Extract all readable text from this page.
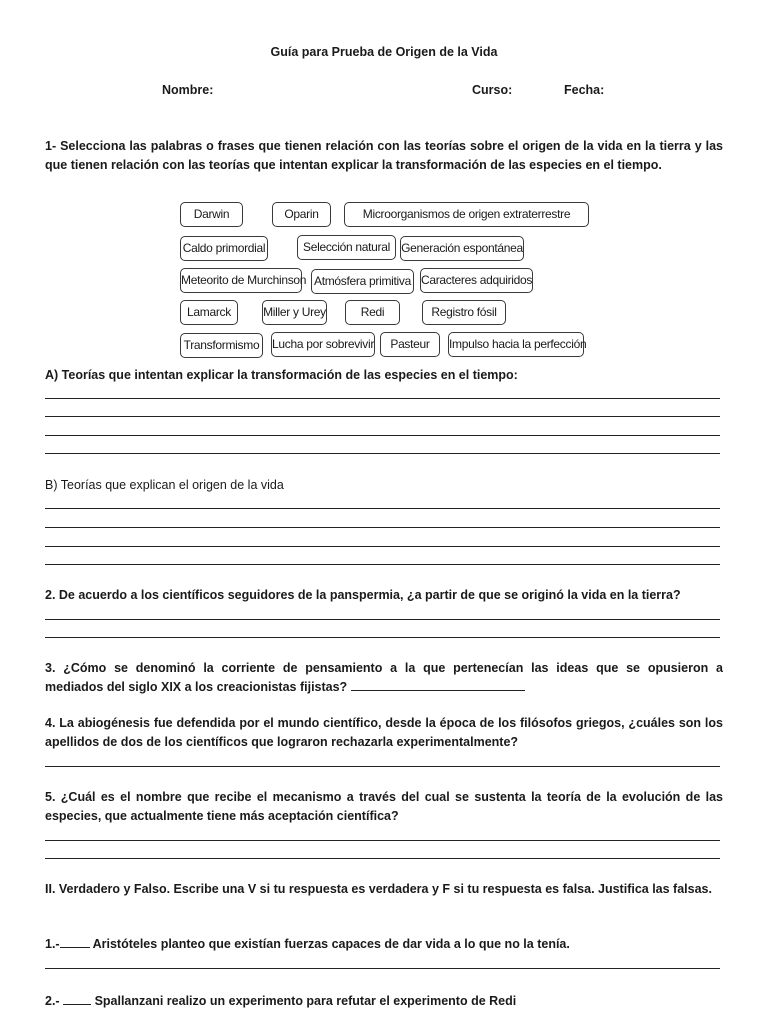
Guía para Prueba de Origen de la Vida
Nombre:	Curso:	Fecha:
1- Selecciona las palabras o frases que tienen relación con las teorías sobre el origen de la vida en la tierra y las que tienen relación con las teorías que intentan explicar la transformación de las especies en el tiempo.
Darwin	Oparin	Microorganismos de origen extraterrestre
Caldo primordial	Selección natural Generación espontánea
Meteorito de Murchinson Atmósfera primitiva Caracteres adquiridos
Lamarck	Miller y Urey	Redi	Registro fósil
Transformismo	Lucha por sobrevivir	Pasteur	Impulso hacia la perfección
A) Teorías que intentan explicar la transformación de las especies en el tiempo:
B) Teorías que explican el origen de la vida
2. De acuerdo a los científicos seguidores de la panspermia, ¿a partir de que se originó la vida en la tierra?
3. ¿Cómo se denominó la corriente de pensamiento a la que pertenecían las ideas que se opusieron a
mediados del siglo XIX a los creacionistas fijistas?
4. La abiogénesis fue defendida por el mundo científico, desde la época de los filósofos griegos, ¿cuáles son los apellidos de dos de los científicos que lograron rechazarla experimentalmente?
5. ¿Cuál es el nombre que recibe el mecanismo a través del cual se sustenta la teoría de la evolución de las especies, que actualmente tiene más aceptación científica?
II. Verdadero y Falso. Escribe una V si tu respuesta es verdadera y F si tu respuesta es falsa. Justifica las falsas.
1.-	Aristóteles planteo que existían fuerzas capaces de dar vida a lo que no la tenía.
2.-	Spallanzani realizo un experimento para refutar el experimento de Redi
